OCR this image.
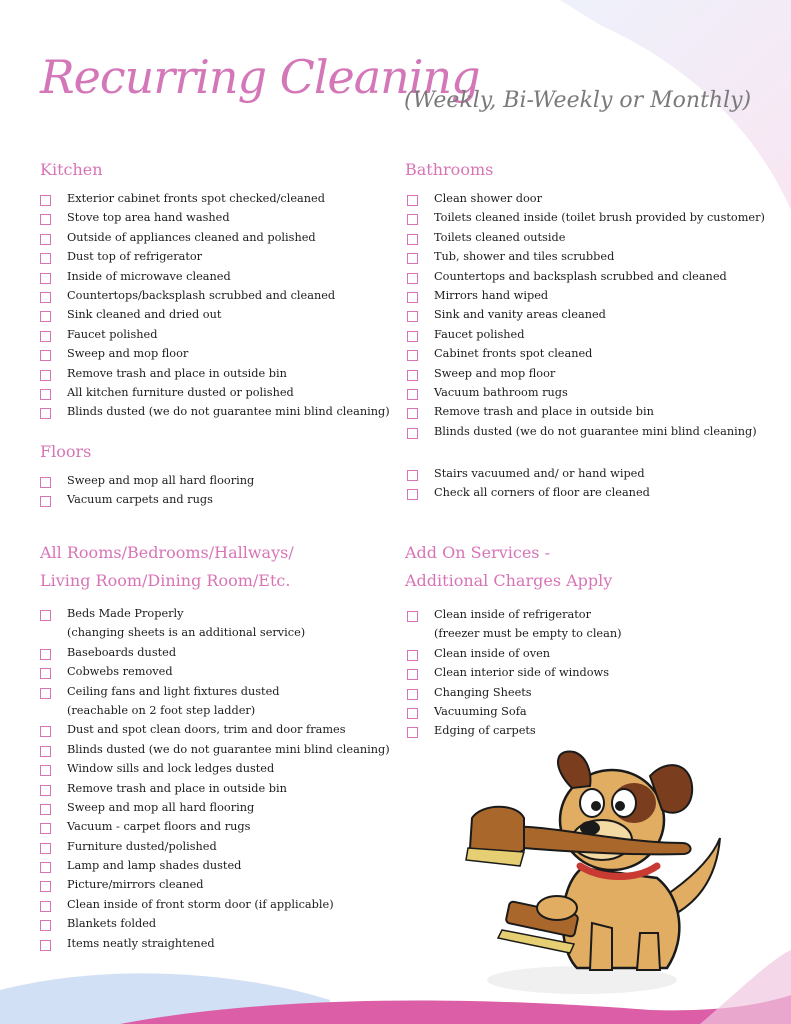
Recurring Cleaning
(Weekly, Bi-Weekly or Monthly)
Kitchen
Exterior cabinet fronts spot checked/cleaned
Stove top area hand washed
Outside of appliances cleaned and polished
Dust top of refrigerator
Inside of microwave cleaned
Countertops/backsplash scrubbed and cleaned
Sink cleaned and dried out
Faucet polished
Sweep and mop floor
Remove trash and place in outside bin
All kitchen furniture dusted or polished
Blinds dusted (we do not guarantee mini blind cleaning)
Floors
Sweep and mop all hard flooring
Vacuum carpets and rugs
Bathrooms
Clean shower door
Toilets cleaned inside (toilet brush provided by customer)
Toilets cleaned outside
Tub, shower and tiles scrubbed
Countertops and backsplash scrubbed and cleaned
Mirrors hand wiped
Sink and vanity areas cleaned
Faucet polished
Cabinet fronts spot cleaned
Sweep and mop floor
Vacuum bathroom rugs
Remove trash and place in outside bin
Blinds dusted (we do not guarantee mini blind cleaning)
Stairs vacuumed and/ or hand wiped
Check all corners of floor are cleaned
All Rooms/Bedrooms/Hallways/
Living Room/Dining Room/Etc.
Beds Made Properly
(changing sheets is an additional service)
Baseboards dusted
Cobwebs removed
Ceiling fans and light fixtures dusted
(reachable on 2 foot step ladder)
Dust and spot clean doors, trim and door frames
Blinds dusted (we do not guarantee mini blind cleaning)
Window sills and lock ledges dusted
Remove trash and place in outside bin
Sweep and mop all hard flooring
Vacuum - carpet floors and rugs
Furniture dusted/polished
Lamp and lamp shades dusted
Picture/mirrors cleaned
Clean inside of front storm door (if applicable)
Blankets folded
Items neatly straightened
Add On Services -
Additional Charges Apply
Clean inside of refrigerator
(freezer must be empty to clean)
Clean inside of oven
Clean interior side of windows
Changing Sheets
Vacuuming Sofa
Edging of carpets
